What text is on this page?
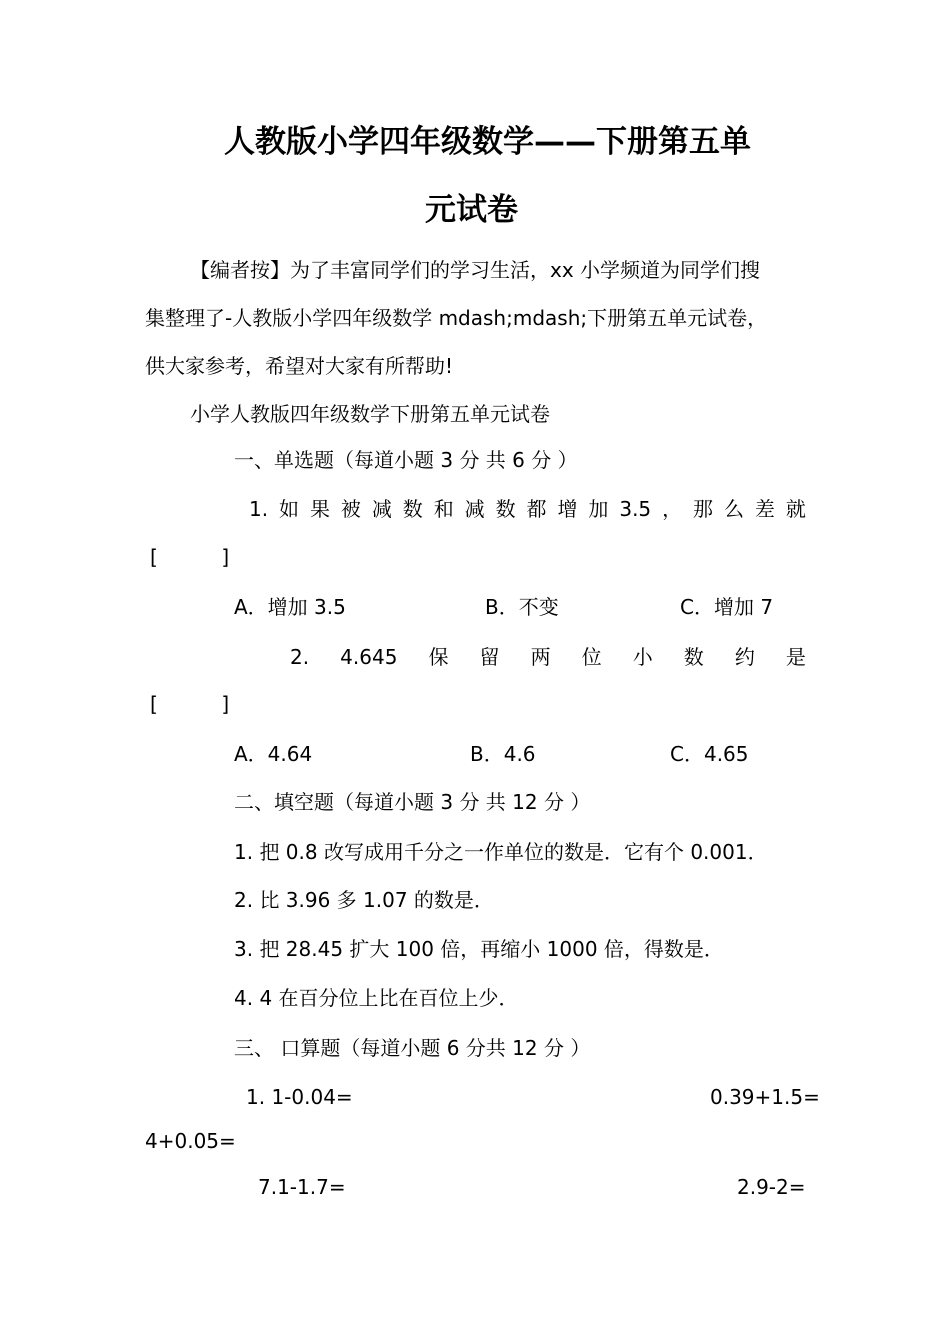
人教版小学四年级数学——下册第五单
元试卷
【编者按】为了丰富同学们的学习生活，xx 小学频道为同学们搜
集整理了-人教版小学四年级数学 mdash;mdash;下册第五单元试卷，
供大家参考，希望对大家有所帮助!
小学人教版四年级数学下册第五单元试卷
一、单选题（每道小题 3 分 共 6 分 ）
1. 如 果 被 减 数 和 减 数 都 增 加 3.5 ， 那 么 差 就
[          ]
A．增加 3.5	B．不变	C．增加 7
2. 4.645 保 留 两 位 小 数 约 是
[          ]
A．4.64	B．4.6	C．4.65
二、填空题（每道小题 3 分 共 12 分 ）
1. 把 0.8 改写成用千分之一作单位的数是．它有个 0.001．
2. 比 3.96 多 1.07 的数是．
3. 把 28.45 扩大 100 倍，再缩小 1000 倍，得数是．
4. 4 在百分位上比在百位上少．
三、 口算题（每道小题 6 分共 12 分 ）
1. 1-0.04=	0.39+1.5=
4+0.05=
7.1-1.7=	2.9-2=
